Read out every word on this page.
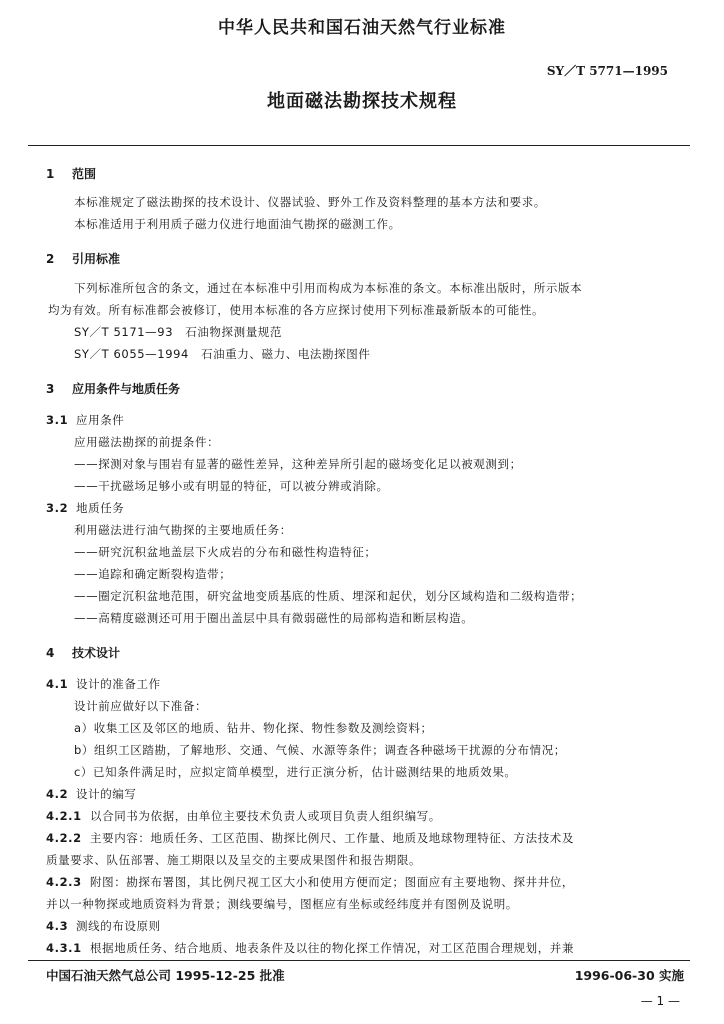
中华人民共和国石油天然气行业标准
SY／T 5771—1995
地面磁法勘探技术规程
1 范围
本标准规定了磁法勘探的技术设计、仪器试验、野外工作及资料整理的基本方法和要求。
本标准适用于利用质子磁力仪进行地面油气勘探的磁测工作。
2 引用标准
下列标准所包含的条文，通过在本标准中引用而构成为本标准的条文。本标准出版时，所示版本
均为有效。所有标准都会被修订，使用本标准的各方应探讨使用下列标准最新版本的可能性。
SY／T 5171—93　石油物探测量规范
SY／T 6055—1994　石油重力、磁力、电法勘探图件
3 应用条件与地质任务
3.1 应用条件
应用磁法勘探的前提条件：
——探测对象与围岩有显著的磁性差异，这种差异所引起的磁场变化足以被观测到；
——干扰磁场足够小或有明显的特征，可以被分辨或消除。
3.2 地质任务
利用磁法进行油气勘探的主要地质任务：
——研究沉积盆地盖层下火成岩的分布和磁性构造特征；
——追踪和确定断裂构造带；
——圈定沉积盆地范围，研究盆地变质基底的性质、埋深和起伏，划分区域构造和二级构造带；
——高精度磁测还可用于圈出盖层中具有微弱磁性的局部构造和断层构造。
4 技术设计
4.1 设计的准备工作
设计前应做好以下准备：
a）收集工区及邻区的地质、钻井、物化探、物性参数及测绘资料；
b）组织工区踏勘，了解地形、交通、气候、水源等条件；调查各种磁场干扰源的分布情况；
c）已知条件满足时，应拟定简单模型，进行正演分析，估计磁测结果的地质效果。
4.2 设计的编写
4.2.1 以合同书为依据，由单位主要技术负责人或项目负责人组织编写。
4.2.2 主要内容：地质任务、工区范围、勘探比例尺、工作量、地质及地球物理特征、方法技术及
质量要求、队伍部署、施工期限以及呈交的主要成果图件和报告期限。
4.2.3 附图：勘探布署图，其比例尺视工区大小和使用方便而定；图面应有主要地物、探井井位，
并以一种物探或地质资料为背景；测线要编号，图框应有坐标或经纬度并有图例及说明。
4.3 测线的布设原则
4.3.1 根据地质任务、结合地质、地表条件及以往的物化探工作情况，对工区范围合理规划，并兼
中国石油天然气总公司 1995-12-25 批准	1996-06-30 实施
— 1 —
